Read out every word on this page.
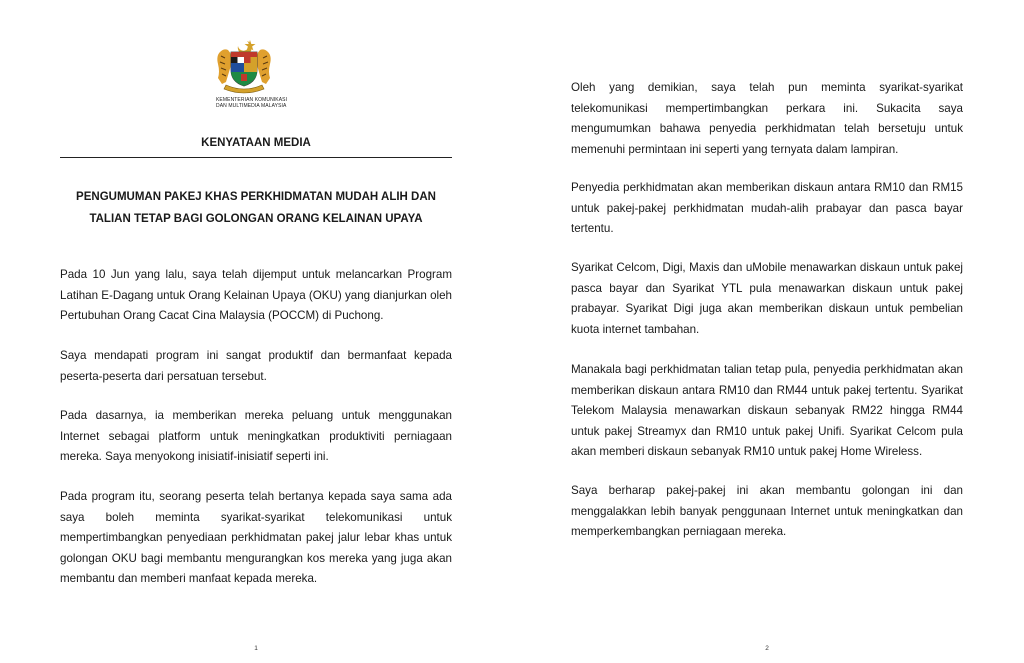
KEMENTERIAN KOMUNIKASI
DAN MULTIMEDIA MALAYSIA
KENYATAAN MEDIA
PENGUMUMAN PAKEJ KHAS PERKHIDMATAN MUDAH ALIH DAN
TALIAN TETAP BAGI GOLONGAN ORANG KELAINAN UPAYA

Pada 10 Jun yang lalu, saya telah dijemput untuk melancarkan Program Latihan E-Dagang untuk Orang Kelainan Upaya (OKU) yang dianjurkan oleh Pertubuhan Orang Cacat Cina Malaysia (POCCM) di Puchong.

Saya mendapati program ini sangat produktif dan bermanfaat kepada peserta-peserta dari persatuan tersebut.

Pada dasarnya, ia memberikan mereka peluang untuk menggunakan Internet sebagai platform untuk meningkatkan produktiviti perniagaan mereka. Saya menyokong inisiatif-inisiatif seperti ini.

Pada program itu, seorang peserta telah bertanya kepada saya sama ada saya boleh meminta syarikat-syarikat telekomunikasi untuk mempertimbangkan penyediaan perkhidmatan pakej jalur lebar khas untuk golongan OKU bagi membantu mengurangkan kos mereka yang juga akan membantu dan memberi manfaat kepada mereka.

1

Oleh yang demikian, saya telah pun meminta syarikat-syarikat telekomunikasi mempertimbangkan perkara ini. Sukacita saya mengumumkan bahawa penyedia perkhidmatan telah bersetuju untuk memenuhi permintaan ini seperti yang ternyata dalam lampiran.

Penyedia perkhidmatan akan memberikan diskaun antara RM10 dan RM15 untuk pakej-pakej perkhidmatan mudah-alih prabayar dan pasca bayar tertentu.

Syarikat Celcom, Digi, Maxis dan uMobile menawarkan diskaun untuk pakej pasca bayar dan Syarikat YTL pula menawarkan diskaun untuk pakej prabayar. Syarikat Digi juga akan memberikan diskaun untuk pembelian kuota internet tambahan.

Manakala bagi perkhidmatan talian tetap pula, penyedia perkhidmatan akan memberikan diskaun antara RM10 dan RM44 untuk pakej tertentu. Syarikat Telekom Malaysia menawarkan diskaun sebanyak RM22 hingga RM44 untuk pakej Streamyx dan RM10 untuk pakej Unifi. Syarikat Celcom pula akan memberi diskaun sebanyak RM10 untuk pakej Home Wireless.

Saya berharap pakej-pakej ini akan membantu golongan ini dan menggalakkan lebih banyak penggunaan Internet untuk meningkatkan dan memperkembangkan perniagaan mereka.

2
